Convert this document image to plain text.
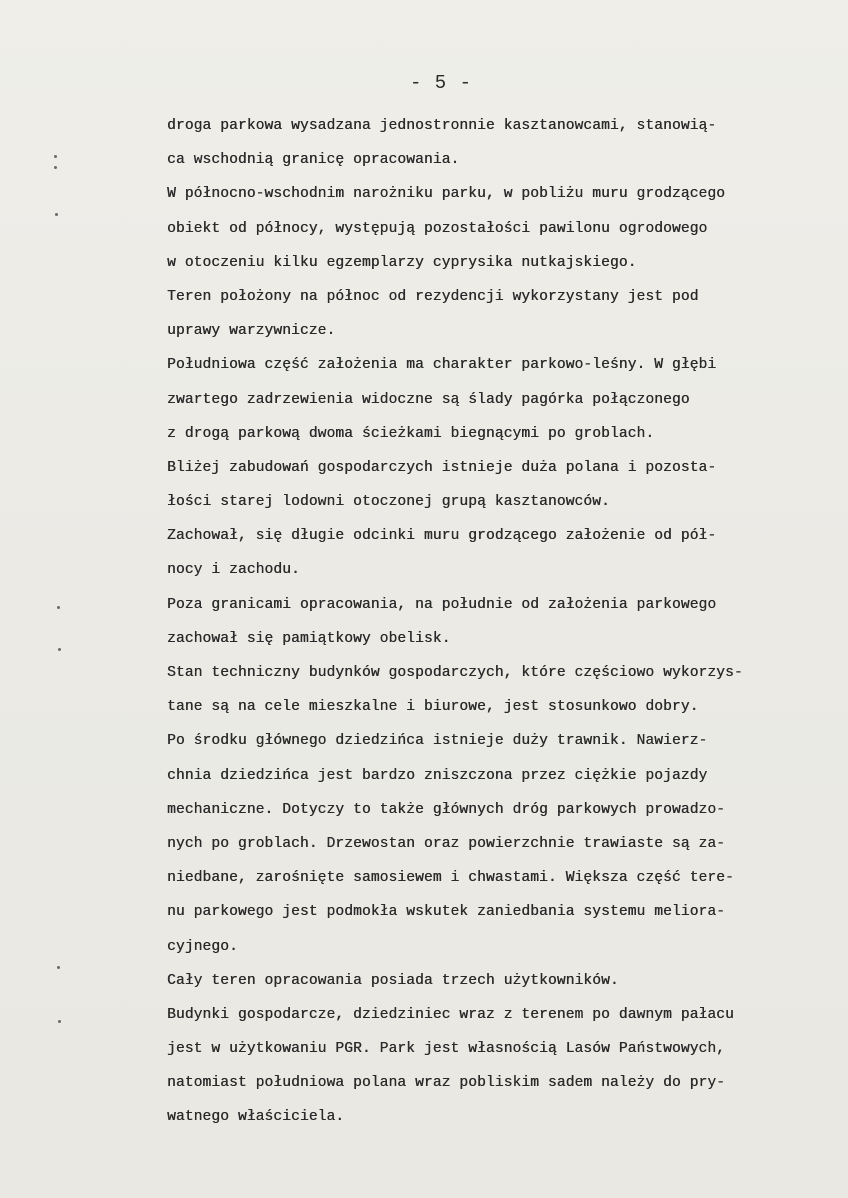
- 5 -
droga parkowa wysadzana jednostronnie kasztanowcami, stanowią-
ca wschodnią granicę opracowania.
W północno-wschodnim narożniku parku, w pobliżu muru grodzącego
obiekt od północy, występują pozostałości pawilonu ogrodowego
w otoczeniu kilku egzemplarzy cyprysika nutkajskiego.
Teren położony na północ od rezydencji wykorzystany jest pod
uprawy warzywnicze.
Południowa część założenia ma charakter parkowo-leśny. W głębi
zwartego zadrzewienia widoczne są ślady pagórka połączonego
z drogą parkową dwoma ścieżkami biegnącymi po groblach.
Bliżej zabudowań gospodarczych istnieje duża polana i pozosta-
łości starej lodowni otoczonej grupą kasztanowców.
Zachował, się długie odcinki muru grodzącego założenie od pół-
nocy i zachodu.
Poza granicami opracowania, na południe od założenia parkowego
zachował się pamiątkowy obelisk.
Stan techniczny budynków gospodarczych, które częściowo wykorzys-
tane są na cele mieszkalne i biurowe, jest stosunkowo dobry.
Po środku głównego dziedzińca istnieje duży trawnik. Nawierz-
chnia dziedzińca jest bardzo zniszczona przez ciężkie pojazdy
mechaniczne. Dotyczy to także głównych dróg parkowych prowadzo-
nych po groblach. Drzewostan oraz powierzchnie trawiaste są za-
niedbane, zarośnięte samosiewem i chwastami. Większa część tere-
nu parkowego jest podmokła wskutek zaniedbania systemu meliora-
cyjnego.
Cały teren opracowania posiada trzech użytkowników.
Budynki gospodarcze, dziedziniec wraz z terenem po dawnym pałacu
jest w użytkowaniu PGR. Park jest własnością Lasów Państwowych,
natomiast południowa polana wraz pobliskim sadem należy do pry-
watnego właściciela.
